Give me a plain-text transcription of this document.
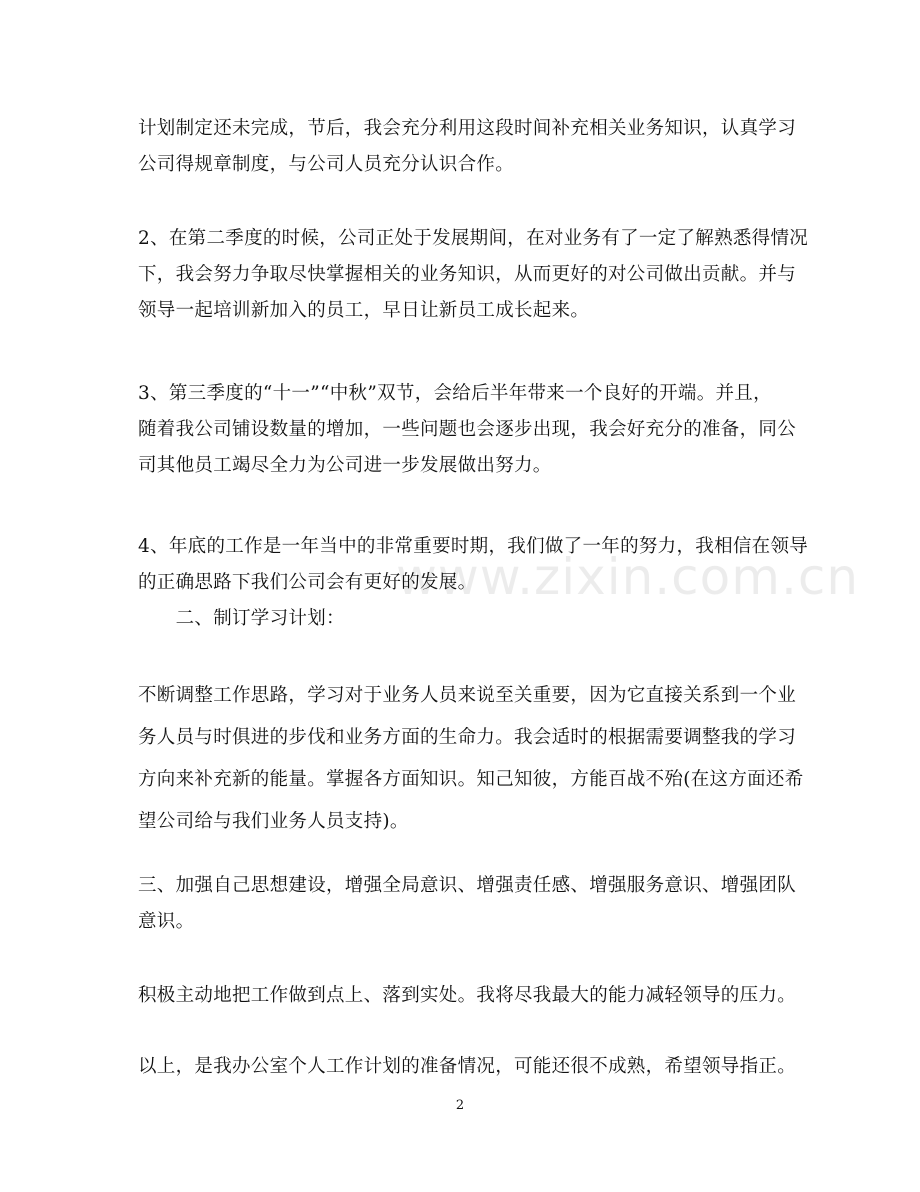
计划制定还未完成，节后，我会充分利用这段时间补充相关业务知识，认真学习
公司得规章制度，与公司人员充分认识合作。

2、在第二季度的时候，公司正处于发展期间，在对业务有了一定了解熟悉得情况
下，我会努力争取尽快掌握相关的业务知识，从而更好的对公司做出贡献。并与
领导一起培训新加入的员工，早日让新员工成长起来。

3、第三季度的“十一”“中秋”双节，会给后半年带来一个良好的开端。并且，
随着我公司铺设数量的增加，一些问题也会逐步出现，我会好充分的准备，同公
司其他员工竭尽全力为公司进一步发展做出努力。

4、年底的工作是一年当中的非常重要时期，我们做了一年的努力，我相信在领导
的正确思路下我们公司会有更好的发展。

　　二、制订学习计划：

不断调整工作思路，学习对于业务人员来说至关重要，因为它直接关系到一个业
务人员与时俱进的步伐和业务方面的生命力。我会适时的根据需要调整我的学习
方向来补充新的能量。掌握各方面知识。知己知彼，方能百战不殆(在这方面还希
望公司给与我们业务人员支持)。

三、加强自己思想建设，增强全局意识、增强责任感、增强服务意识、增强团队
意识。

积极主动地把工作做到点上、落到实处。我将尽我最大的能力减轻领导的压力。

以上，是我办公室个人工作计划的准备情况，可能还很不成熟，希望领导指正。

www.zixin.com.cn
2
